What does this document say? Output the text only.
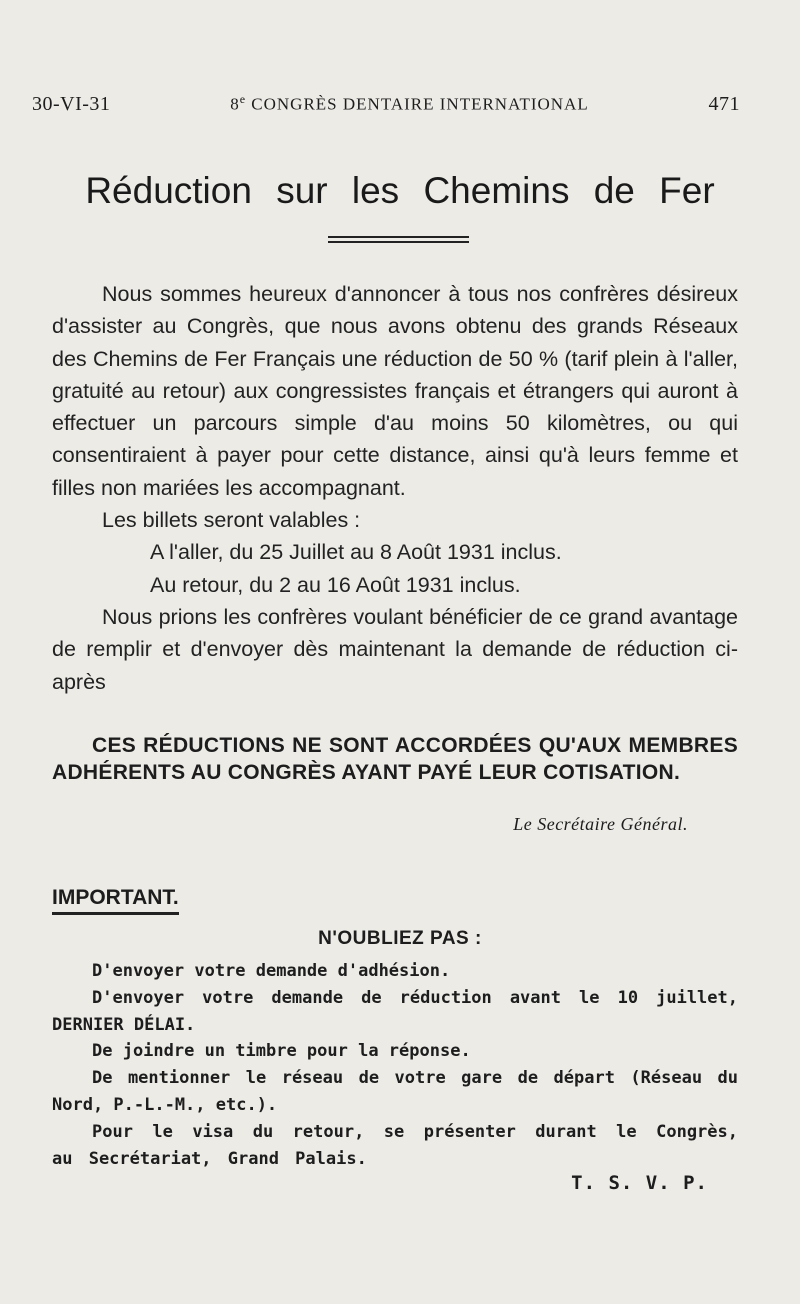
30-VI-31	8e CONGRÈS DENTAIRE INTERNATIONAL	471
Réduction sur les Chemins de Fer

Nous sommes heureux d'annoncer à tous nos confrères désireux d'assister au Congrès, que nous avons obtenu des grands Réseaux des Chemins de Fer Français une réduction de 50 % (tarif plein à l'aller, gratuité au retour) aux congressistes français et étrangers qui auront à effectuer un parcours simple d'au moins 50 kilomètres, ou qui consentiraient à payer pour cette distance, ainsi qu'à leurs femme et filles non mariées les accompagnant.

Les billets seront valables :

A l'aller, du 25 Juillet au 8 Août 1931 inclus.

Au retour, du 2 au 16 Août 1931 inclus.

Nous prions les confrères voulant bénéficier de ce grand avantage de remplir et d'envoyer dès maintenant la demande de réduction ci-après

CES RÉDUCTIONS NE SONT ACCORDÉES QU'AUX MEMBRES ADHÉRENTS AU CONGRÈS AYANT PAYÉ LEUR COTISATION.

Le Secrétaire Général.
IMPORTANT.
N'OUBLIEZ PAS :

D'envoyer votre demande d'adhésion.

D'envoyer votre demande de réduction avant le 10 juillet, DERNIER DÉLAI.

De joindre un timbre pour la réponse.

De mentionner le réseau de votre gare de départ (Réseau du Nord, P.-L.-M., etc.).

Pour le visa du retour, se présenter durant le Congrès, au Secrétariat, Grand Palais.

T. S. V. P.
